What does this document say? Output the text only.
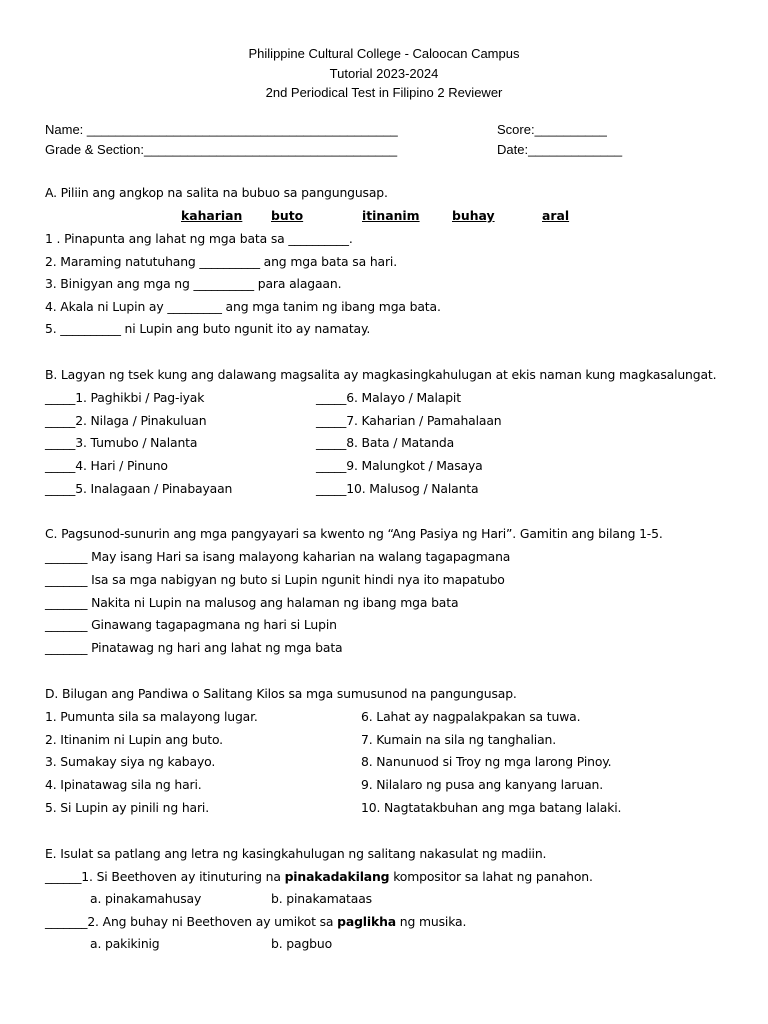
Philippine Cultural College - Caloocan Campus
Tutorial 2023-2024
2nd Periodical Test in Filipino 2 Reviewer
Name: ___________________________________________	Score:__________
Grade & Section:___________________________________	Date:_____________
A. Piliin ang angkop na salita na bubuo sa pangungusap.
kaharian buto	itinanim	buhay	aral
1 . Pinapunta ang lahat ng mga bata sa __________.
2. Maraming natutuhang __________ ang mga bata sa hari.
3. Binigyan ang mga ng __________ para alagaan.
4. Akala ni Lupin ay _________ ang mga tanim ng ibang mga bata.
5. __________ ni Lupin ang buto ngunit ito ay namatay.
B. Lagyan ng tsek kung ang dalawang magsalita ay magkasingkahulugan at ekis naman kung magkasalungat.
_____1. Paghikbi / Pag-iyak
_____2. Nilaga / Pinakuluan
_____3. Tumubo / Nalanta
_____4. Hari / Pinuno
_____5. Inalagaan / Pinabayaan
_____6. Malayo / Malapit
_____7. Kaharian / Pamahalaan
_____8. Bata / Matanda
_____9. Malungkot / Masaya
_____10. Malusog / Nalanta
C. Pagsunod-sunurin ang mga pangyayari sa kwento ng “Ang Pasiya ng Hari”. Gamitin ang bilang 1-5.
_______ May isang Hari sa isang malayong kaharian na walang tagapagmana
_______ Isa sa mga nabigyan ng buto si Lupin ngunit hindi nya ito mapatubo
_______ Nakita ni Lupin na malusog ang halaman ng ibang mga bata
_______ Ginawang tagapagmana ng hari si Lupin
_______ Pinatawag ng hari ang lahat ng mga bata
D. Bilugan ang Pandiwa o Salitang Kilos sa mga sumusunod na pangungusap.
1. Pumunta sila sa malayong lugar.
2. Itinanim ni Lupin ang buto.
3. Sumakay siya ng kabayo.
4. Ipinatawag sila ng hari.
5. Si Lupin ay pinili ng hari.
6. Lahat ay nagpalakpakan sa tuwa.
7. Kumain na sila ng tanghalian.
8. Nanunuod si Troy ng mga larong Pinoy.
9. Nilalaro ng pusa ang kanyang laruan.
10. Nagtatakbuhan ang mga batang lalaki.
E. Isulat sa patlang ang letra ng kasingkahulugan ng salitang nakasulat ng madiin.
______1. Si Beethoven ay itinuturing na pinakadakilang kompositor sa lahat ng panahon.
a. pinakamahusay	b. pinakamataas
_______2. Ang buhay ni Beethoven ay umikot sa paglikha ng musika.
a. pakikinig	b. pagbuo
